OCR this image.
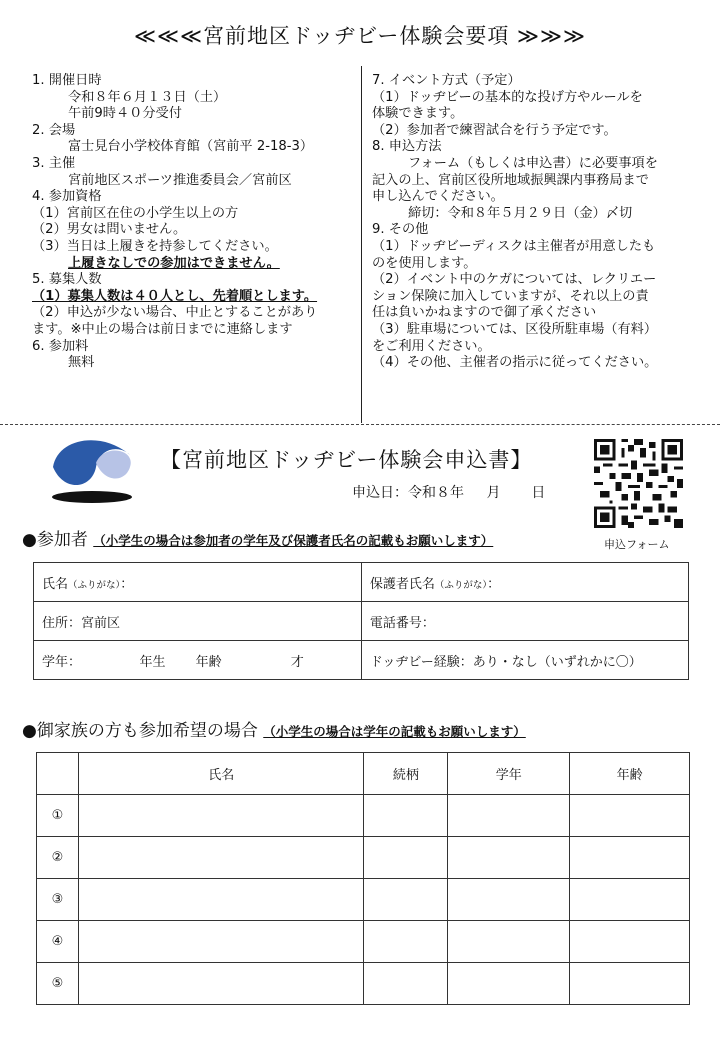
≪≪≪宮前地区ドッヂビー体験会要項 ≫≫≫
1. 開催日時
令和８年６月１３日（土）
午前9時４０分受付
2. 会場
富士見台小学校体育館（宮前平 2-18-3）
3. 主催
宮前地区スポーツ推進委員会／宮前区
4. 参加資格
（1）宮前区在住の小学生以上の方
（2）男女は問いません。
（3）当日は上履きを持参してください。
上履きなしでの参加はできません。
5. 募集人数
（1）募集人数は４０人とし、先着順とします。
（2）申込が少ない場合、中止とすることがあり
ます。※中止の場合は前日までに連絡します
6. 参加料
無料
7. イベント方式（予定）
（1）ドッヂビーの基本的な投げ方やルールを
体験できます。
（2）参加者で練習試合を行う予定です。
8. 申込方法
フォーム（もしくは申込書）に必要事項を
記入の上、宮前区役所地域振興課内事務局まで
申し込んでください。
締切：令和８年５月２９日（金）〆切
9. その他
（1）ドッヂビーディスクは主催者が用意したも
のを使用します。
（2）イベント中のケガについては、レクリエー
ション保険に加入していますが、それ以上の責
任は負いかねますので御了承ください
（3）駐車場については、区役所駐車場（有料）
をご利用ください。
（4）その他、主催者の指示に従ってください。
【宮前地区ドッヂビー体験会申込書】
申込日：令和８年　 月 　 日
申込フォーム
●参加者 （小学生の場合は参加者の学年及び保護者氏名の記載もお願いします）
氏名（ふりがな）：	保護者氏名（ふりがな）：
住所：宮前区	電話番号：
学年：　　　　　年生　　 年齢　　　　　 才	ドッヂビー経験：あり・なし（いずれかに〇）
●御家族の方も参加希望の場合 （小学生の場合は学年の記載もお願いします）
	氏名	続柄	学年	年齢
①				
②				
③				
④				
⑤				
